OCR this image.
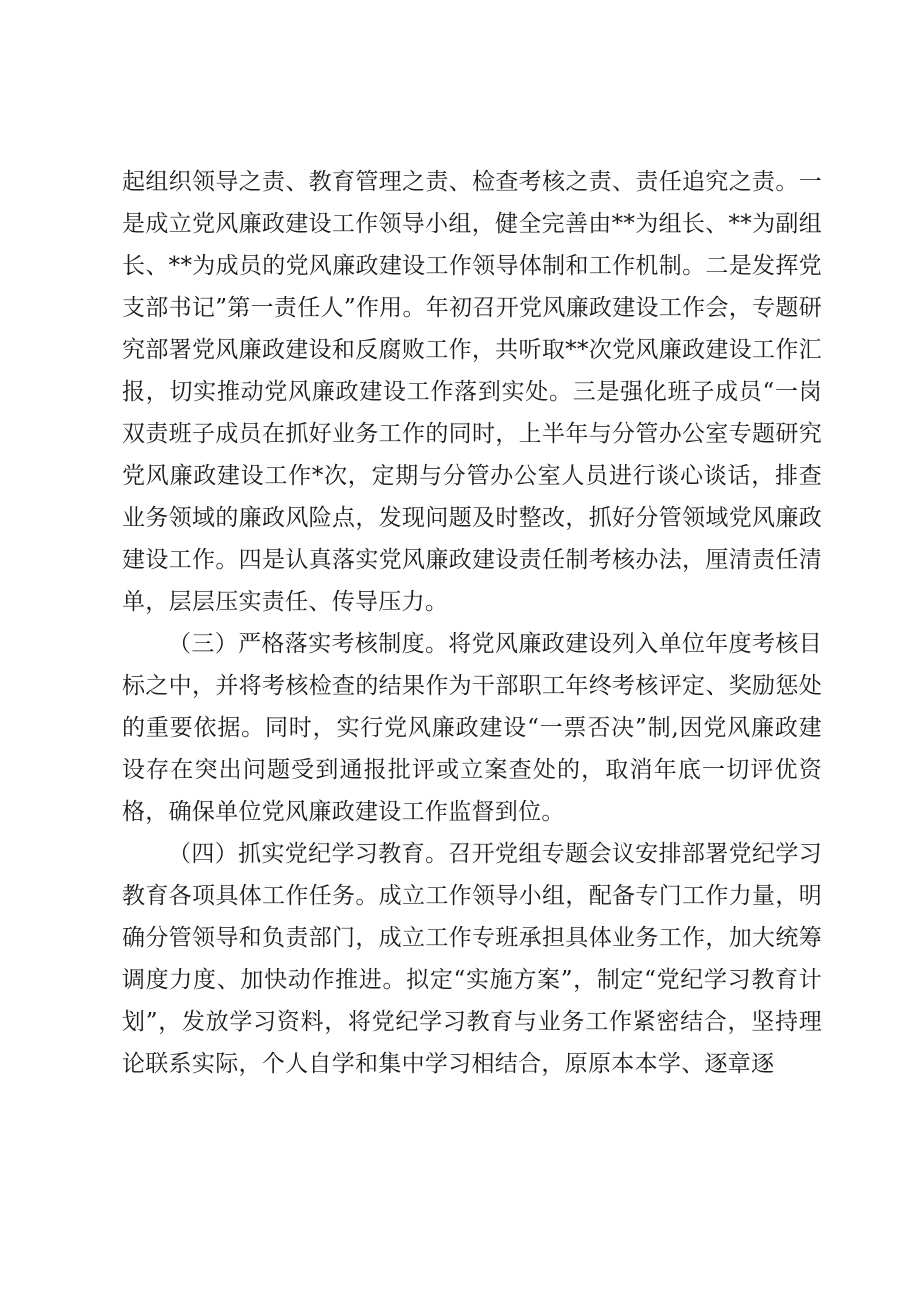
起组织领导之责、教育管理之责、检查考核之责、责任追究之责。一是成立党风廉政建设工作领导小组，健全完善由**为组长、**为副组长、**为成员的党风廉政建设工作领导体制和工作机制。二是发挥党支部书记”第一责任人”作用。年初召开党风廉政建设工作会，专题研究部署党风廉政建设和反腐败工作，共听取**次党风廉政建设工作汇报，切实推动党风廉政建设工作落到实处。三是强化班子成员“一岗双责班子成员在抓好业务工作的同时，上半年与分管办公室专题研究党风廉政建设工作*次，定期与分管办公室人员进行谈心谈话，排查业务领域的廉政风险点，发现问题及时整改，抓好分管领域党风廉政建设工作。四是认真落实党风廉政建设责任制考核办法，厘清责任清单，层层压实责任、传导压力。

（三）严格落实考核制度。将党风廉政建设列入单位年度考核目标之中，并将考核检查的结果作为干部职工年终考核评定、奖励惩处的重要依据。同时，实行党风廉政建设“一票否决”制,因党风廉政建设存在突出问题受到通报批评或立案查处的，取消年底一切评优资格，确保单位党风廉政建设工作监督到位。

（四）抓实党纪学习教育。召开党组专题会议安排部署党纪学习教育各项具体工作任务。成立工作领导小组，配备专门工作力量，明确分管领导和负责部门，成立工作专班承担具体业务工作，加大统筹调度力度、加快动作推进。拟定“实施方案”，制定“党纪学习教育计划”，发放学习资料，将党纪学习教育与业务工作紧密结合，坚持理论联系实际，个人自学和集中学习相结合，原原本本学、逐章逐
